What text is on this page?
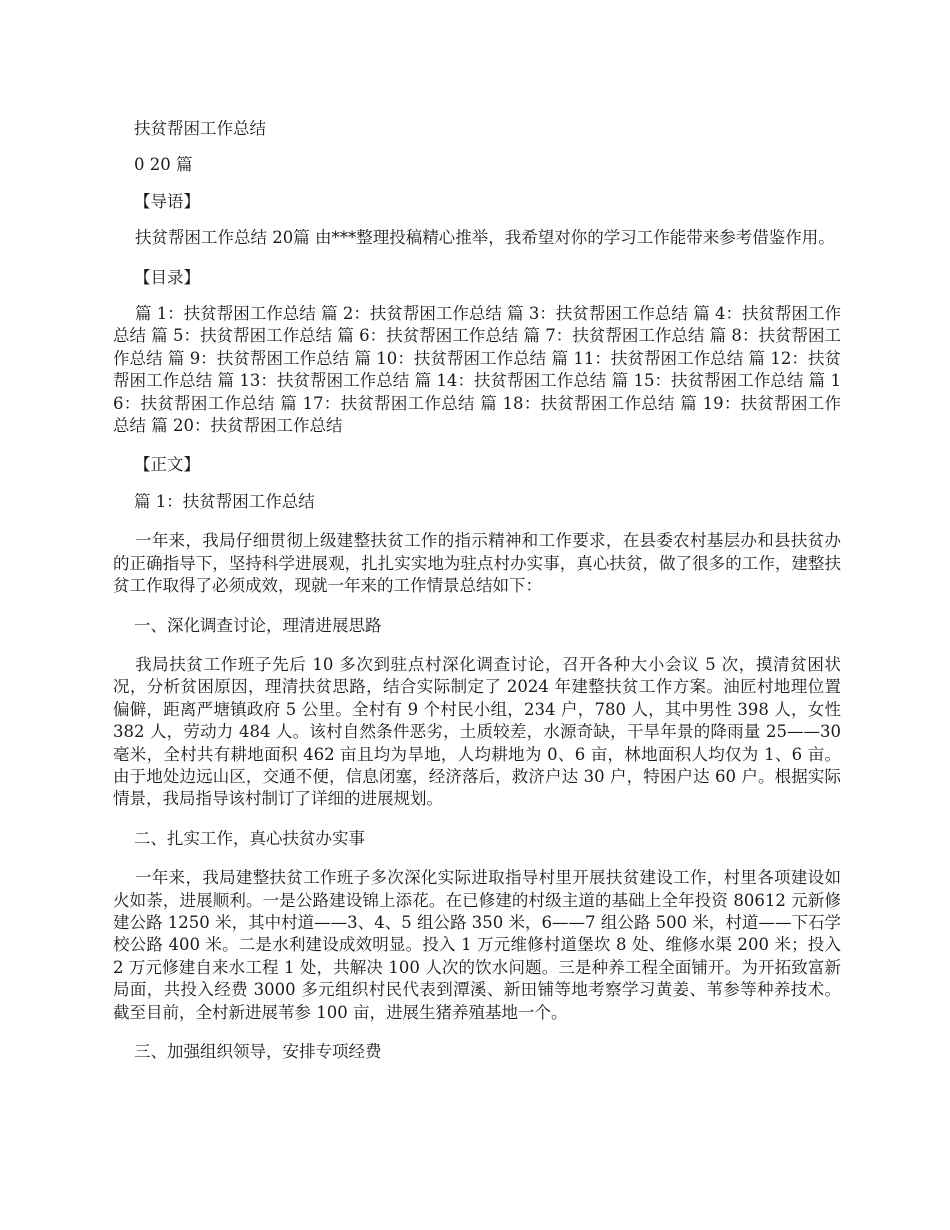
扶贫帮困工作总结

0 20 篇

【导语】

扶贫帮困工作总结 20篇 由***整理投稿精心推举，我希望对你的学习工作能带来参考借鉴作用。

【目录】

篇 1：扶贫帮困工作总结 篇 2：扶贫帮困工作总结 篇 3：扶贫帮困工作总结 篇 4：扶贫帮困工作总结 篇 5：扶贫帮困工作总结 篇 6：扶贫帮困工作总结 篇 7：扶贫帮困工作总结 篇 8：扶贫帮困工作总结 篇 9：扶贫帮困工作总结 篇 10：扶贫帮困工作总结 篇 11：扶贫帮困工作总结 篇 12：扶贫帮困工作总结 篇 13：扶贫帮困工作总结 篇 14：扶贫帮困工作总结 篇 15：扶贫帮困工作总结 篇 16：扶贫帮困工作总结 篇 17：扶贫帮困工作总结 篇 18：扶贫帮困工作总结 篇 19：扶贫帮困工作总结 篇 20：扶贫帮困工作总结

【正文】

篇 1：扶贫帮困工作总结

一年来，我局仔细贯彻上级建整扶贫工作的指示精神和工作要求，在县委农村基层办和县扶贫办的正确指导下，坚持科学进展观，扎扎实实地为驻点村办实事，真心扶贫，做了很多的工作，建整扶贫工作取得了必须成效，现就一年来的工作情景总结如下：

一、深化调查讨论，理清进展思路

我局扶贫工作班子先后 10 多次到驻点村深化调查讨论，召开各种大小会议 5 次，摸清贫困状况，分析贫困原因，理清扶贫思路，结合实际制定了 2024 年建整扶贫工作方案。油匠村地理位置偏僻，距离严塘镇政府 5 公里。全村有 9 个村民小组，234 户，780 人，其中男性 398 人，女性 382 人，劳动力 484 人。该村自然条件恶劣，土质较差，水源奇缺，干旱年景的降雨量 25——30 毫米，全村共有耕地面积 462 亩且均为旱地，人均耕地为 0、6 亩，林地面积人均仅为 1、6 亩。由于地处边远山区，交通不便，信息闭塞，经济落后，救济户达 30 户，特困户达 60 户。根据实际情景，我局指导该村制订了详细的进展规划。

二、扎实工作，真心扶贫办实事

一年来，我局建整扶贫工作班子多次深化实际进取指导村里开展扶贫建设工作，村里各项建设如火如荼，进展顺利。一是公路建设锦上添花。在已修建的村级主道的基础上全年投资 80612 元新修建公路 1250 米，其中村道——3、4、5 组公路 350 米，6——7 组公路 500 米，村道——下石学校公路 400 米。二是水利建设成效明显。投入 1 万元维修村道堡坎 8 处、维修水渠 200 米；投入 2 万元修建自来水工程 1 处，共解决 100 人次的饮水问题。三是种养工程全面铺开。为开拓致富新局面，共投入经费 3000 多元组织村民代表到潭溪、新田铺等地考察学习黄姜、苇参等种养技术。截至目前，全村新进展苇参 100 亩，进展生猪养殖基地一个。

三、加强组织领导，安排专项经费
